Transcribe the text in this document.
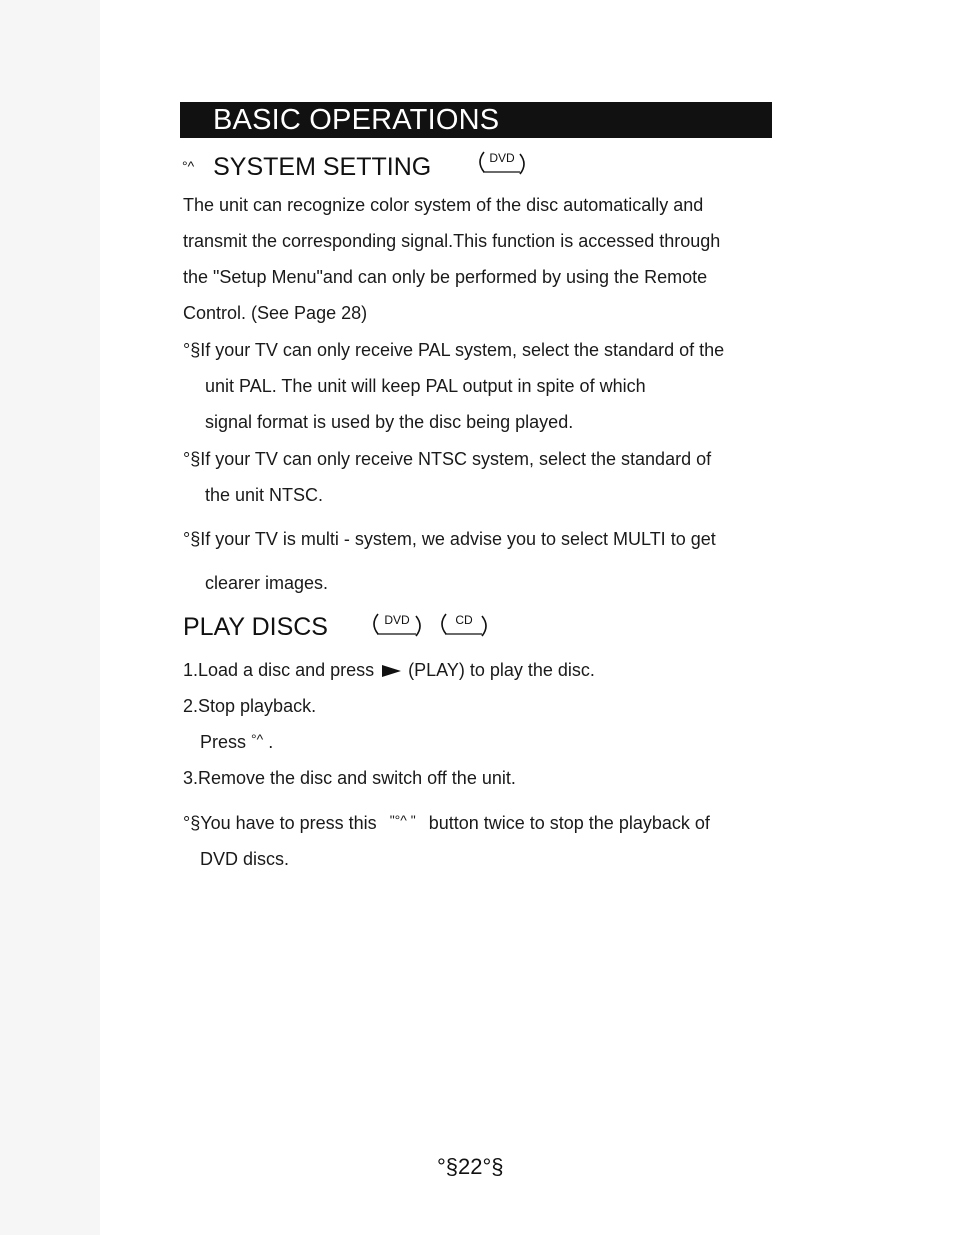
BASIC OPERATIONS
°^ SYSTEM SETTING	DVD
The unit can recognize color system of the disc automatically and
transmit the corresponding signal.This function is accessed through
the "Setup Menu"and can only be performed by using the Remote
Control. (See Page 28)
°§If your TV can only receive PAL system, select the standard of the
unit PAL. The unit will keep PAL output in spite of which
signal format is used by the disc being played.
°§If your TV can only receive NTSC system, select the standard of
the unit NTSC.
°§If your TV is multi - system, we advise you to select MULTI to get
clearer images.
PLAY DISCS	DVD	CD
1.Load a disc and press (PLAY) to play the disc.
2.Stop playback.
Press °^ .
3.Remove the disc and switch off the unit.
°§You have to press this "°^ " button twice to stop the playback of
DVD discs.
°§22°§
